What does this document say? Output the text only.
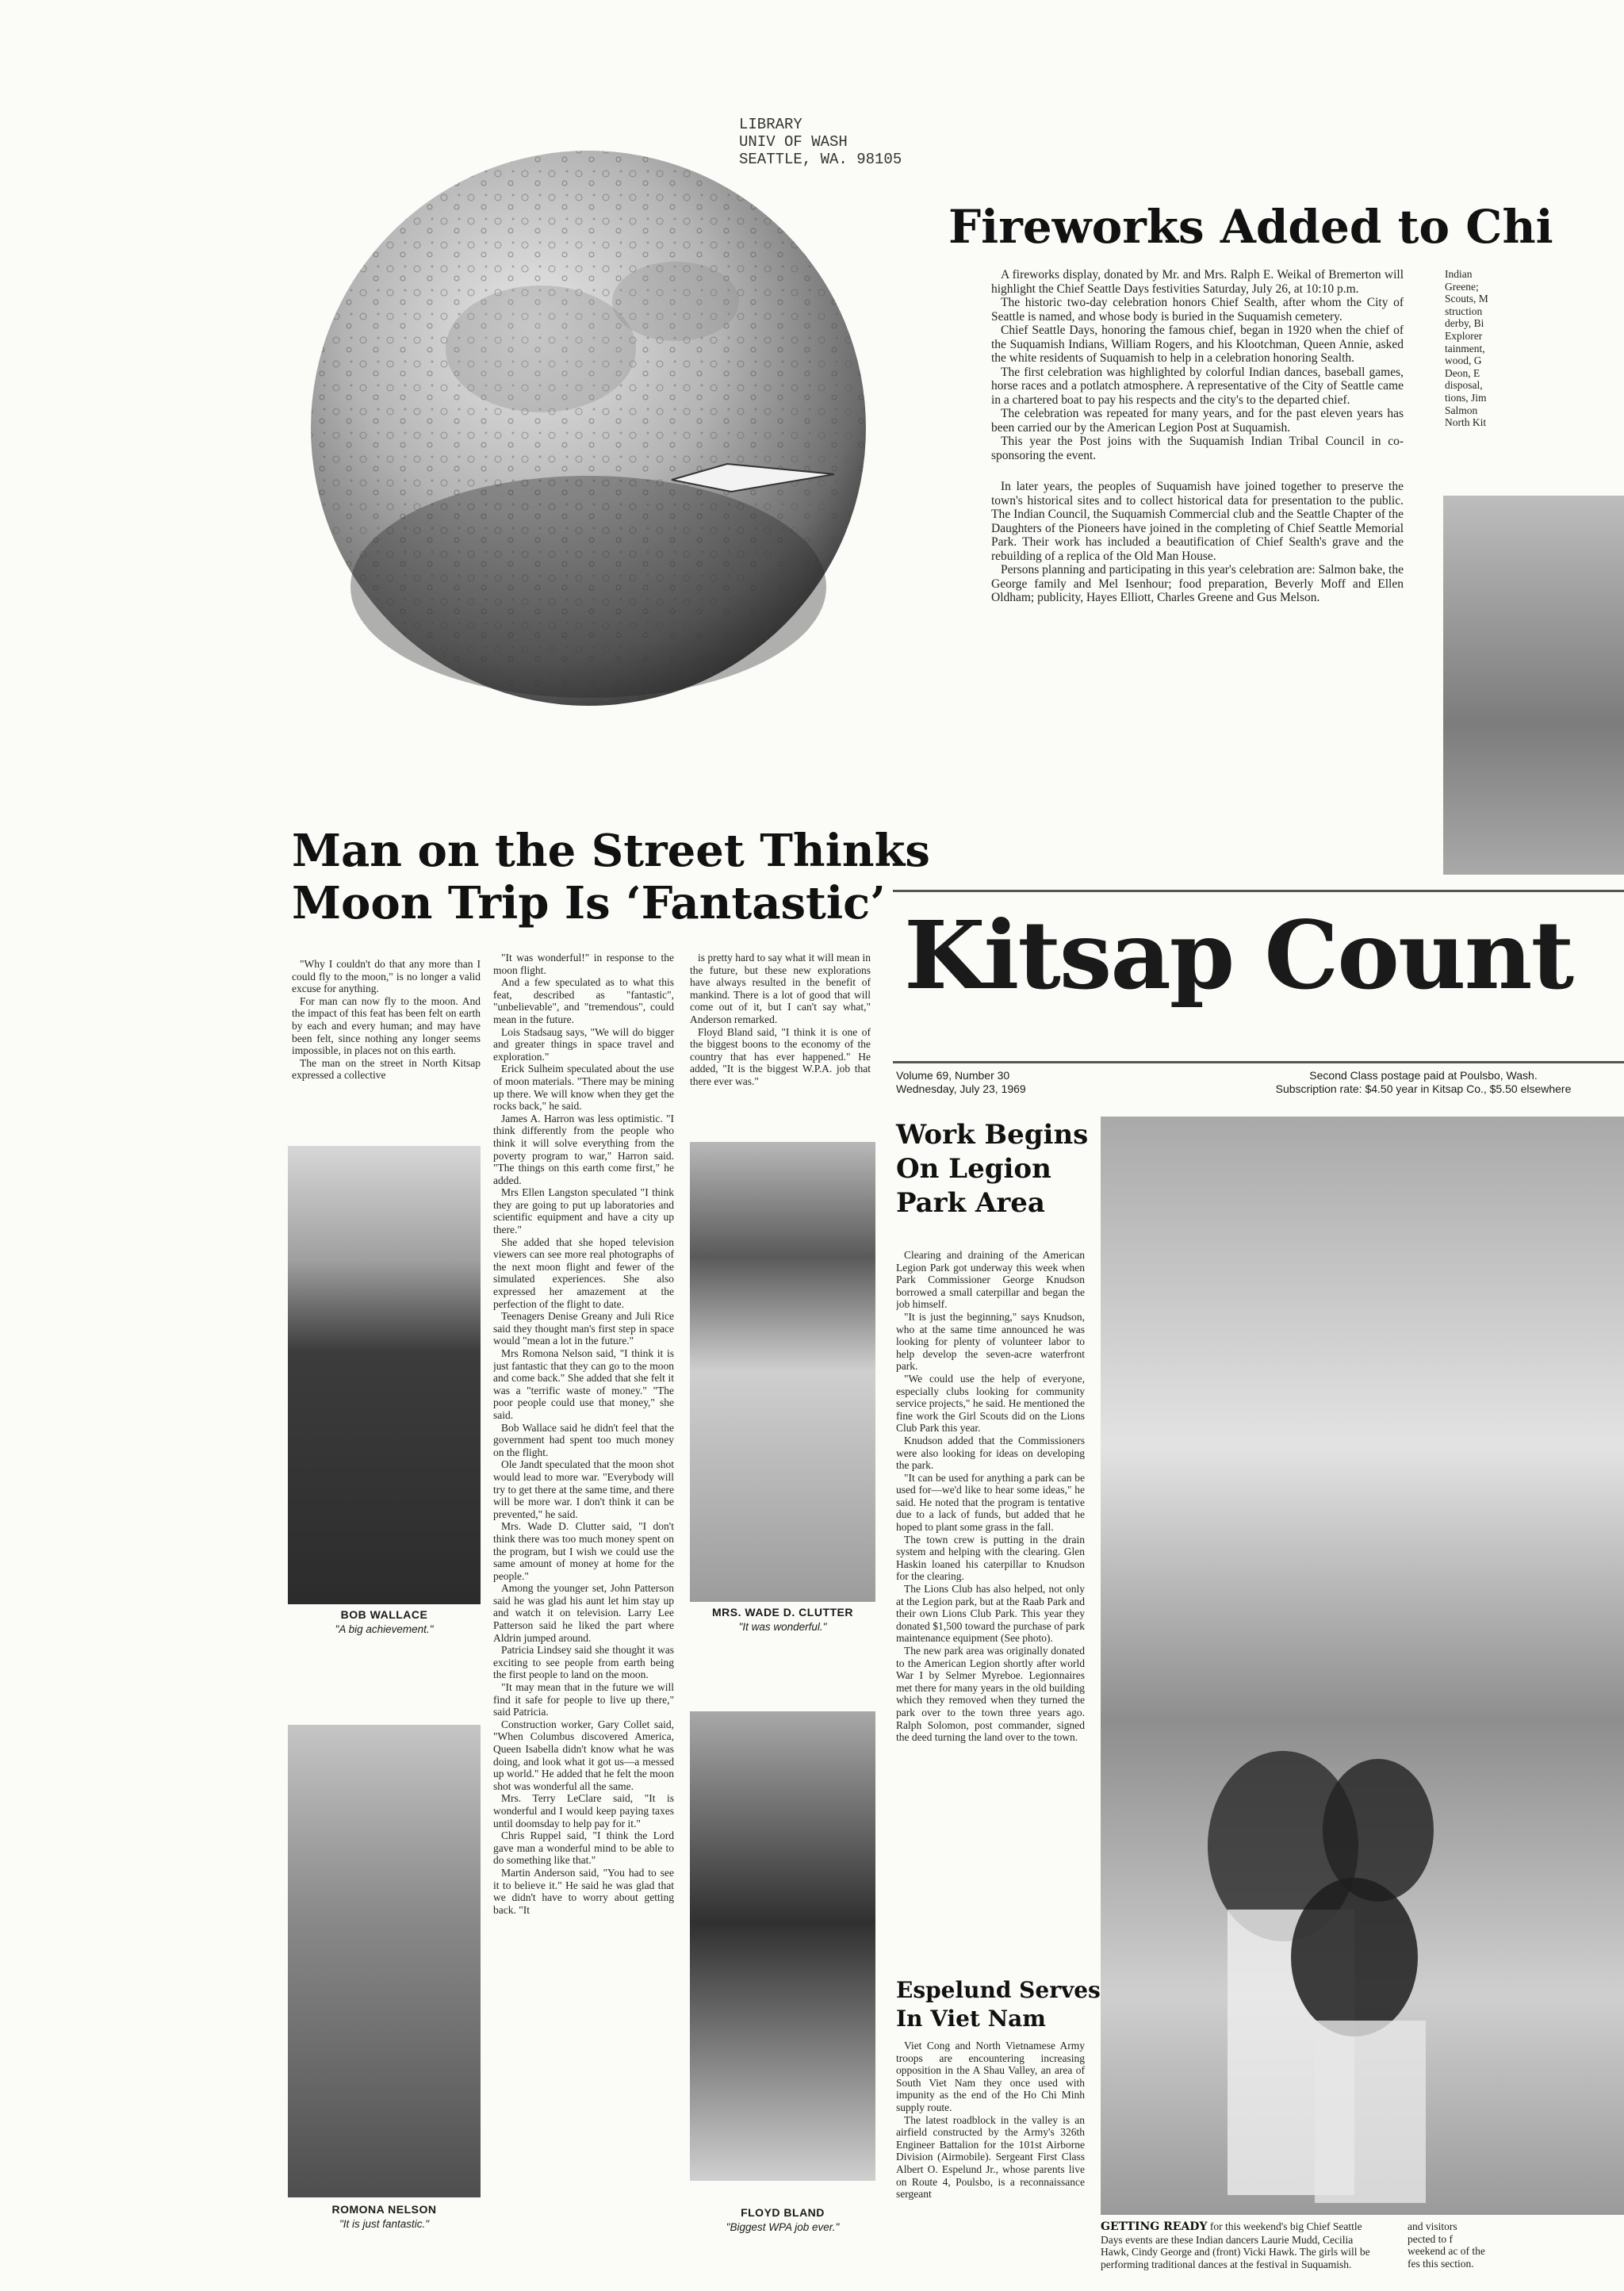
LIBRARY
UNIV OF WASH
SEATTLE, WA. 98105
Fireworks Added to Chi

A fireworks display, donated by Mr. and Mrs. Ralph E. Weikal of Bremerton will highlight the Chief Seattle Days festivities Saturday, July 26, at 10:10 p.m.

The historic two-day celebration honors Chief Sealth, after whom the City of Seattle is named, and whose body is buried in the Suquamish cemetery.

Chief Seattle Days, honoring the famous chief, began in 1920 when the chief of the Suquamish Indians, William Rogers, and his Klootchman, Queen Annie, asked the white residents of Suquamish to help in a celebration honoring Sealth.

The first celebration was highlighted by colorful Indian dances, baseball games, horse races and a potlatch atmosphere. A representative of the City of Seattle came in a chartered boat to pay his respects and the city's to the departed chief.

The celebration was repeated for many years, and for the past eleven years has been carried our by the American Legion Post at Suquamish.

This year the Post joins with the Suquamish Indian Tribal Council in co-sponsoring the event.

In later years, the peoples of Suquamish have joined together to preserve the town's historical sites and to collect historical data for presentation to the public. The Indian Council, the Suquamish Commercial club and the Seattle Chapter of the Daughters of the Pioneers have joined in the completing of Chief Seattle Memorial Park. Their work has included a beautification of Chief Sealth's grave and the rebuilding of a replica of the Old Man House.

Persons planning and participating in this year's celebration are: Salmon bake, the George family and Mel Isenhour; food preparation, Beverly Moff and Ellen Oldham; publicity, Hayes Elliott, Charles Greene and Gus Melson.

Indian
Greene;
Scouts, M
struction
derby, Bi
Explorer
tainment,
wood, G
Deon, E
disposal,
tions, Jim
Salmon
North Kit
Man on the Street Thinks
Moon Trip Is ‘Fantastic’

"Why I couldn't do that any more than I could fly to the moon," is no longer a valid excuse for anything.

For man can now fly to the moon. And the impact of this feat has been felt on earth by each and every human; and may have been felt, since nothing any longer seems impossible, in places not on this earth.

The man on the street in North Kitsap expressed a collective

BOB WALLACE
"A big achievement."
ROMONA NELSON
"It is just fantastic."

"It was wonderful!" in response to the moon flight.

And a few speculated as to what this feat, described as "fantastic", "unbelievable", and "tremendous", could mean in the future.

Lois Stadsaug says, "We will do bigger and greater things in space travel and exploration."

Erick Sulheim speculated about the use of moon materials. "There may be mining up there. We will know when they get the rocks back," he said.

James A. Harron was less optimistic. "I think differently from the people who think it will solve everything from the poverty program to war," Harron said. "The things on this earth come first," he added.

Mrs Ellen Langston speculated "I think they are going to put up laboratories and scientific equipment and have a city up there."

She added that she hoped television viewers can see more real photographs of the next moon flight and fewer of the simulated experiences. She also expressed her amazement at the perfection of the flight to date.

Teenagers Denise Greany and Juli Rice said they thought man's first step in space would "mean a lot in the future."

Mrs Romona Nelson said, "I think it is just fantastic that they can go to the moon and come back." She added that she felt it was a "terrific waste of money." "The poor people could use that money," she said.

Bob Wallace said he didn't feel that the government had spent too much money on the flight.

Ole Jandt speculated that the moon shot would lead to more war. "Everybody will try to get there at the same time, and there will be more war. I don't think it can be prevented," he said.

Mrs. Wade D. Clutter said, "I don't think there was too much money spent on the program, but I wish we could use the same amount of money at home for the people."

Among the younger set, John Patterson said he was glad his aunt let him stay up and watch it on television. Larry Lee Patterson said he liked the part where Aldrin jumped around.

Patricia Lindsey said she thought it was exciting to see people from earth being the first people to land on the moon.

"It may mean that in the future we will find it safe for people to live up there," said Patricia.

Construction worker, Gary Collet said, "When Columbus discovered America, Queen Isabella didn't know what he was doing, and look what it got us—a messed up world." He added that he felt the moon shot was wonderful all the same.

Mrs. Terry LeClare said, "It is wonderful and I would keep paying taxes until doomsday to help pay for it."

Chris Ruppel said, "I think the Lord gave man a wonderful mind to be able to do something like that."

Martin Anderson said, "You had to see it to believe it." He said he was glad that we didn't have to worry about getting back. "It

is pretty hard to say what it will mean in the future, but these new explorations have always resulted in the benefit of mankind. There is a lot of good that will come out of it, but I can't say what," Anderson remarked.

Floyd Bland said, "I think it is one of the biggest boons to the economy of the country that has ever happened." He added, "It is the biggest W.P.A. job that there ever was."

MRS. WADE D. CLUTTER
"It was wonderful."
FLOYD BLAND
"Biggest WPA job ever."
Kitsap Count
Volume 69, Number 30
Wednesday, July 23, 1969
Second Class postage paid at Poulsbo, Wash.
Subscription rate: $4.50 year in Kitsap Co., $5.50 elsewhere
Work Begins
On Legion
Park Area

Clearing and draining of the American Legion Park got underway this week when Park Commissioner George Knudson borrowed a small caterpillar and began the job himself.

"It is just the beginning," says Knudson, who at the same time announced he was looking for plenty of volunteer labor to help develop the seven-acre waterfront park.

"We could use the help of everyone, especially clubs looking for community service projects," he said. He mentioned the fine work the Girl Scouts did on the Lions Club Park this year.

Knudson added that the Commissioners were also looking for ideas on developing the park.

"It can be used for anything a park can be used for—we'd like to hear some ideas," he said. He noted that the program is tentative due to a lack of funds, but added that he hoped to plant some grass in the fall.

The town crew is putting in the drain system and helping with the clearing. Glen Haskin loaned his caterpillar to Knudson for the clearing.

The Lions Club has also helped, not only at the Legion park, but at the Raab Park and their own Lions Club Park. This year they donated $1,500 toward the purchase of park maintenance equipment (See photo).

The new park area was originally donated to the American Legion shortly after world War I by Selmer Myreboe. Legionnaires met there for many years in the old building which they removed when they turned the park over to the town three years ago. Ralph Solomon, post commander, signed the deed turning the land over to the town.

Espelund Serves
In Viet Nam

Viet Cong and North Vietnamese Army troops are encountering increasing opposition in the A Shau Valley, an area of South Viet Nam they once used with impunity as the end of the Ho Chi Minh supply route.

The latest roadblock in the valley is an airfield constructed by the Army's 326th Engineer Battalion for the 101st Airborne Division (Airmobile). Sergeant First Class Albert O. Espelund Jr., whose parents live on Route 4, Poulsbo, is a reconnaissance sergeant

GETTING READY for this weekend's big Chief Seattle Days events are these Indian dancers Laurie Mudd, Cecilia Hawk, Cindy George and (front) Vicki Hawk. The girls will be performing traditional dances at the festival in Suquamish.
and visitors pected to f weekend ac of the fes this section.
